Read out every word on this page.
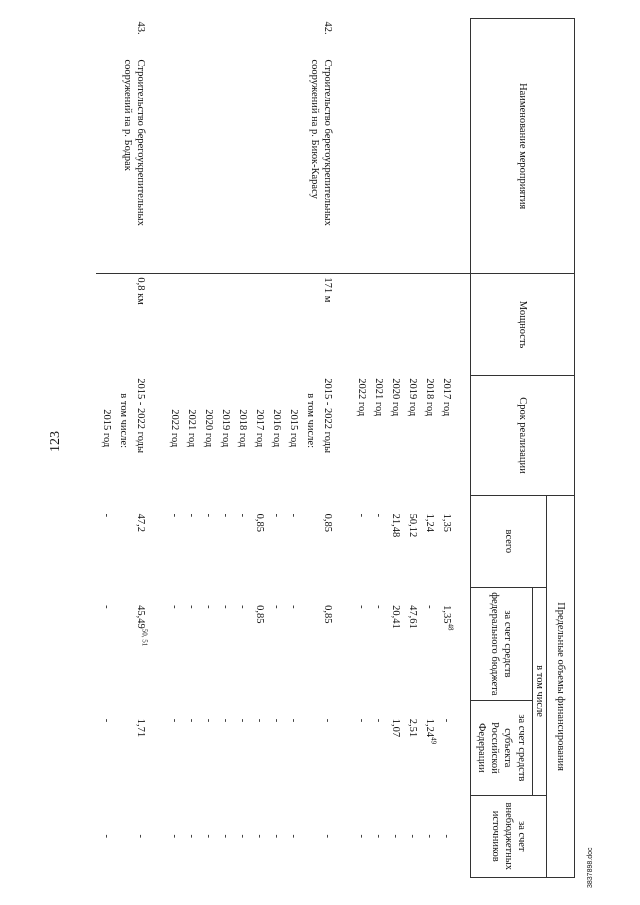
123
3837898.doc
Наименование мероприятия	Мощность	Срок реализации	Предельные объемы финансирования			
			всего	в том числе		за счет внебюджетных источников
				за счет средств федерального бюджета	за счет средств субъекта Российской Федерации	

		2017 год	1,35	1,35$^{48}$	-	-
		2018 год	1,24	-	1,24$^{49}$	-
		2019 год	50,12	47,61	2,51	-
		2020 год	21,48	20,41	1,07	-
		2021 год	-	-	-	-
		2022 год	-	-	-	-

42.Строительство берегоукрепительных сооружений на р. Биюк-Карасу	171 м	2015 - 2022 годы	0,85	0,85	-	-
		в том числе:				
		2015 год	-	-	-	-
		2016 год	-	-	-	-
		2017 год	0,85	0,85	-	-
		2018 год	-	-	-	-
		2019 год	-	-	-	-
		2020 год	-	-	-	-
		2021 год	-	-	-	-
		2022 год	-	-	-	-

43.Строительство берегоукрепительных сооружений на р. Бодрак	0,8 км	2015 - 2022 годы	47,2	45,49$^{50, 51}$	1,71	-
		в том числе:				
		2015 год	-	-	-	-
